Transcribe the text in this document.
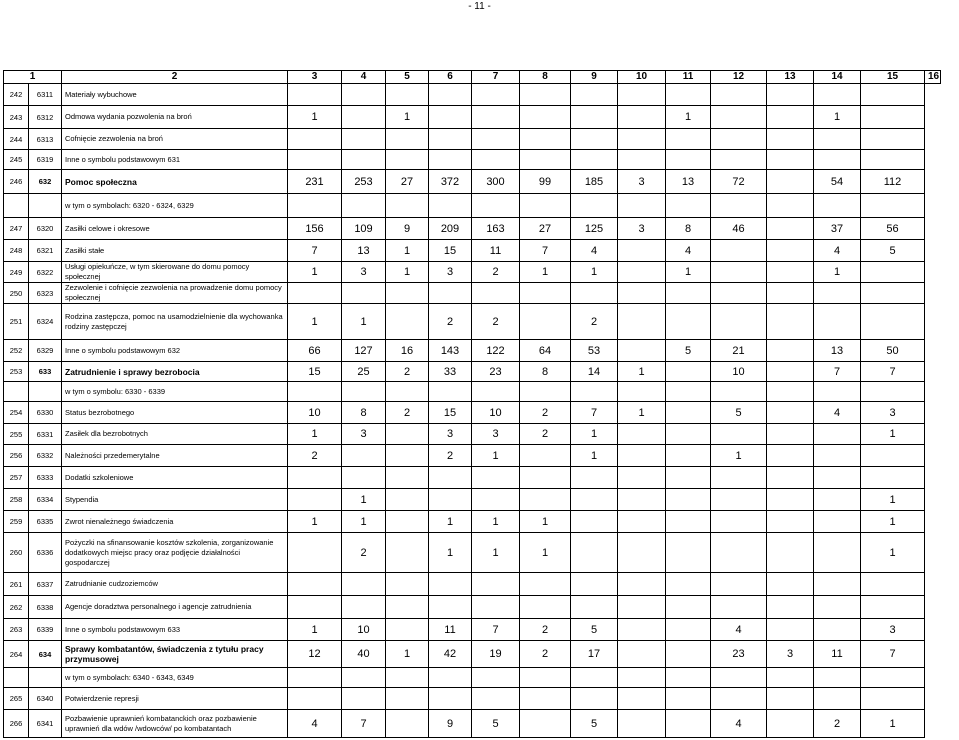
- 11 -
1		2	3	4	5	6	7	8	9	10	11	12	13	14	15	16
242	6311	Materiały wybuchowe														
243	6312	Odmowa wydania pozwolenia na broń	1		1						1			1		
244	6313	Cofnięcie zezwolenia na broń														
245	6319	Inne o symbolu podstawowym 631														
246	632	Pomoc społeczna	231	253	27	372	300	99	185	3	13	72		54	112	
		w tym o symbolach: 6320 - 6324, 6329														
247	6320	Zasiłki celowe i okresowe	156	109	9	209	163	27	125	3	8	46		37	56	
248	6321	Zasiłki stałe	7	13	1	15	11	7	4		4			4	5	
249	6322	Usługi opiekuńcze, w tym skierowane do domu pomocy społecznej	1	3	1	3	2	1	1		1			1		
250	6323	Zezwolenie i cofnięcie zezwolenia na prowadzenie domu pomocy społecznej														
251	6324	Rodzina zastępcza, pomoc na usamodzielnienie dla wychowanka rodziny zastępczej	1	1		2	2		2							
252	6329	Inne o symbolu podstawowym 632	66	127	16	143	122	64	53		5	21		13	50	
253	633	Zatrudnienie i sprawy bezrobocia	15	25	2	33	23	8	14	1		10		7	7	
		w tym o symbolu: 6330 - 6339														
254	6330	Status bezrobotnego	10	8	2	15	10	2	7	1		5		4	3	
255	6331	Zasiłek dla bezrobotnych	1	3		3	3	2	1						1	
256	6332	Należności przedemerytalne	2			2	1		1			1				
257	6333	Dodatki szkoleniowe														
258	6334	Stypendia		1											1	
259	6335	Zwrot nienależnego świadczenia	1	1		1	1	1							1	
260	6336	Pożyczki na sfinansowanie kosztów szkolenia, zorganizowanie dodatkowych miejsc pracy oraz podjęcie działalności gospodarczej		2		1	1	1							1	
261	6337	Zatrudnianie cudzoziemców														
262	6338	Agencje doradztwa personalnego i agencje zatrudnienia														
263	6339	Inne o symbolu podstawowym 633	1	10		11	7	2	5			4			3	
264	634	Sprawy kombatantów, świadczenia z tytułu pracy przymusowej	12	40	1	42	19	2	17			23	3	11	7	
		w tym o symbolach: 6340 - 6343, 6349														
265	6340	Potwierdzenie represji														
266	6341	Pozbawienie uprawnień kombatanckich oraz pozbawienie uprawnień dla wdów /wdowców/ po kombatantach	4	7		9	5		5			4		2	1	
